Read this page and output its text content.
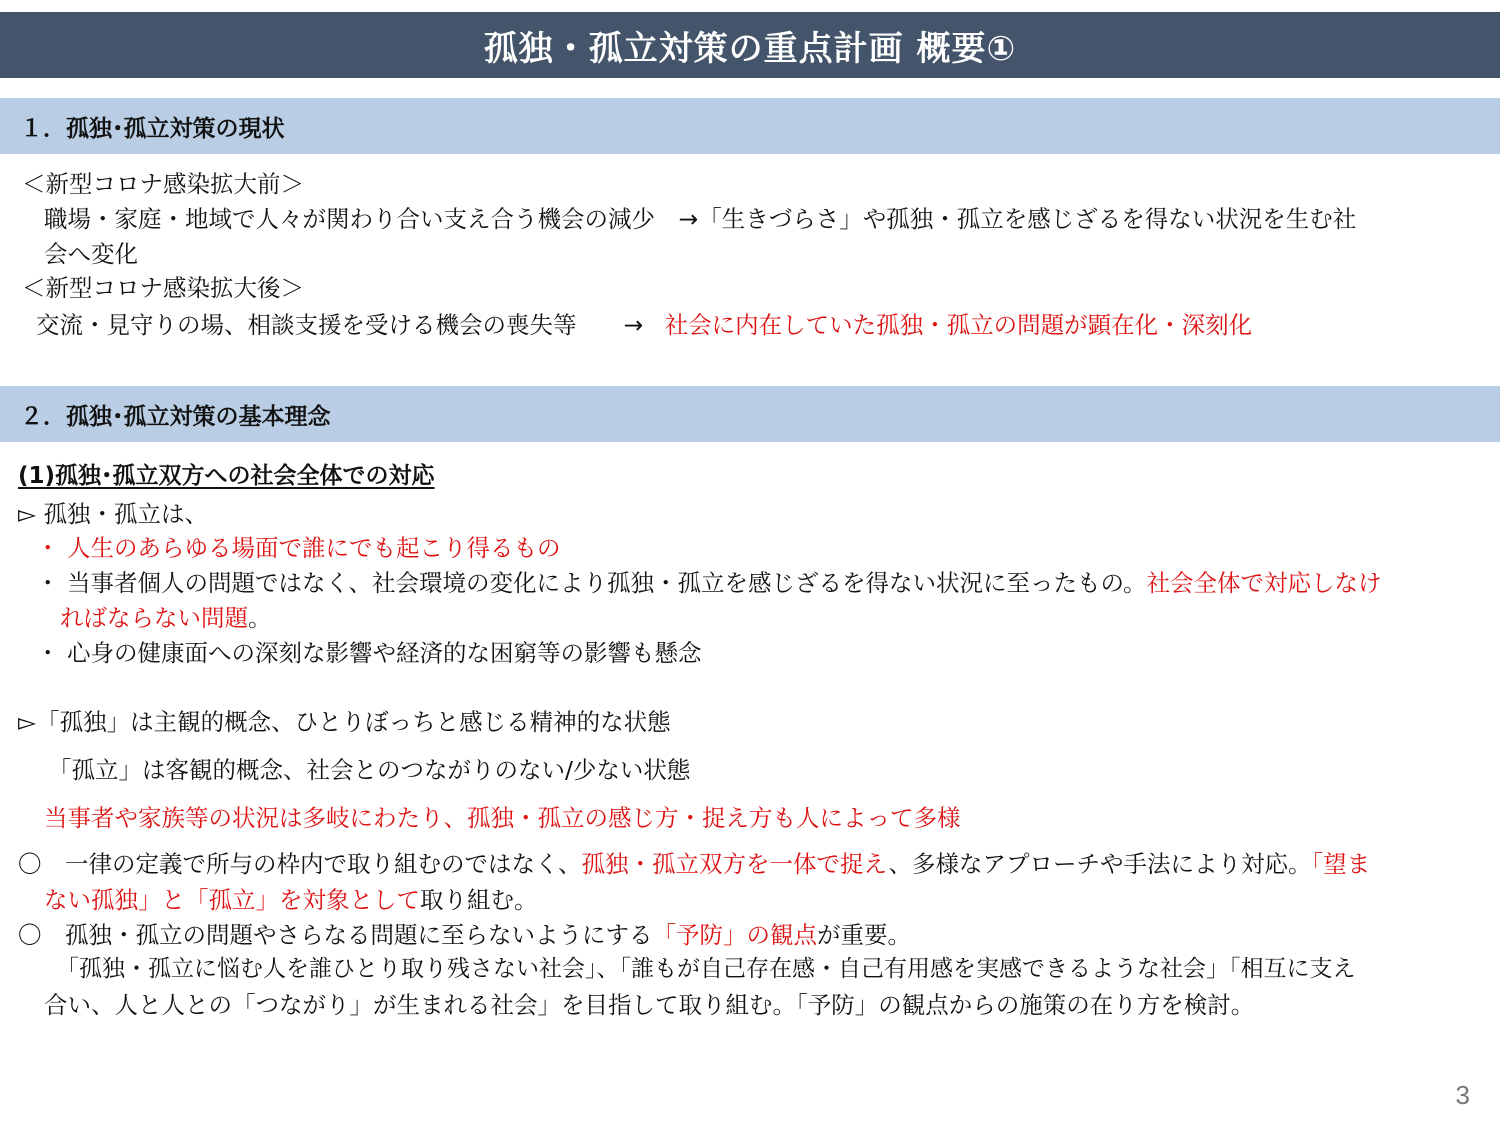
孤独・孤立対策の重点計画 概要①
１．孤独･孤立対策の現状
＜新型コロナ感染拡大前＞
職場・家庭・地域で人々が関わり合い支え合う機会の減少　→「生きづらさ」や孤独・孤立を感じざるを得ない状況を生む社
会へ変化
＜新型コロナ感染拡大後＞
交流・見守りの場、相談支援を受ける機会の喪失等　　→ 社会に内在していた孤独・孤立の問題が顕在化・深刻化
２．孤独･孤立対策の基本理念
(1)孤独･孤立双方への社会全体での対応
▻ 孤独・孤立は、
・ 人生のあらゆる場面で誰にでも起こり得るもの
・ 当事者個人の問題ではなく、社会環境の変化により孤独・孤立を感じざるを得ない状況に至ったもの。社会全体で対応しなけ
ればならない問題。
・ 心身の健康面への深刻な影響や経済的な困窮等の影響も懸念
▻「孤独」は主観的概念、ひとりぼっちと感じる精神的な状態
「孤立」は客観的概念、社会とのつながりのない/少ない状態
当事者や家族等の状況は多岐にわたり、孤独・孤立の感じ方・捉え方も人によって多様
〇　一律の定義で所与の枠内で取り組むのではなく、孤独・孤立双方を一体で捉え、多様なアプローチや手法により対応。「望ま
ない孤独」と「孤立」を対象として取り組む。
〇　孤独・孤立の問題やさらなる問題に至らないようにする「予防」の観点が重要。
「孤独・孤立に悩む人を誰ひとり取り残さない社会」、「誰もが自己存在感・自己有用感を実感できるような社会」「相互に支え
合い、人と人との「つながり」が生まれる社会」を目指して取り組む。「予防」の観点からの施策の在り方を検討。
3
